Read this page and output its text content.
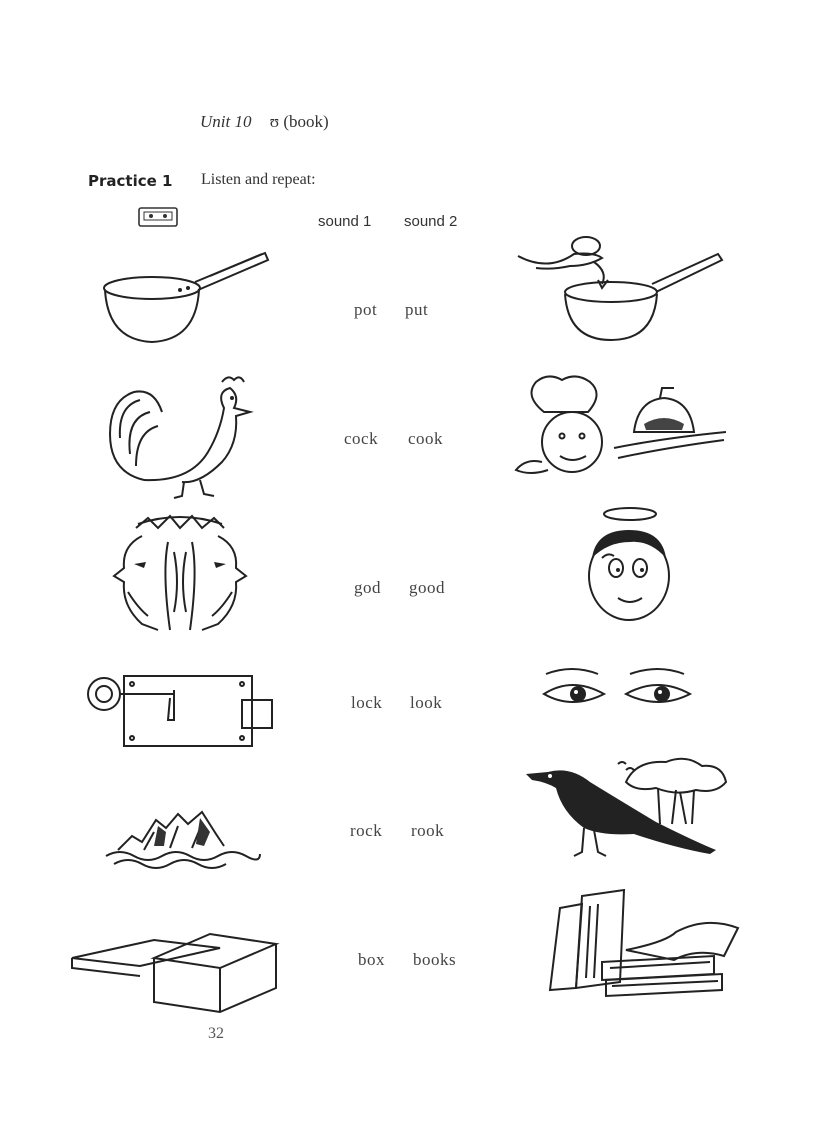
Unit 10 ʊ (book)
Practice 1 Listen and repeat:
sound 1 sound 2
pot put
cock cook
god good
lock look
rock rook
box books
32
